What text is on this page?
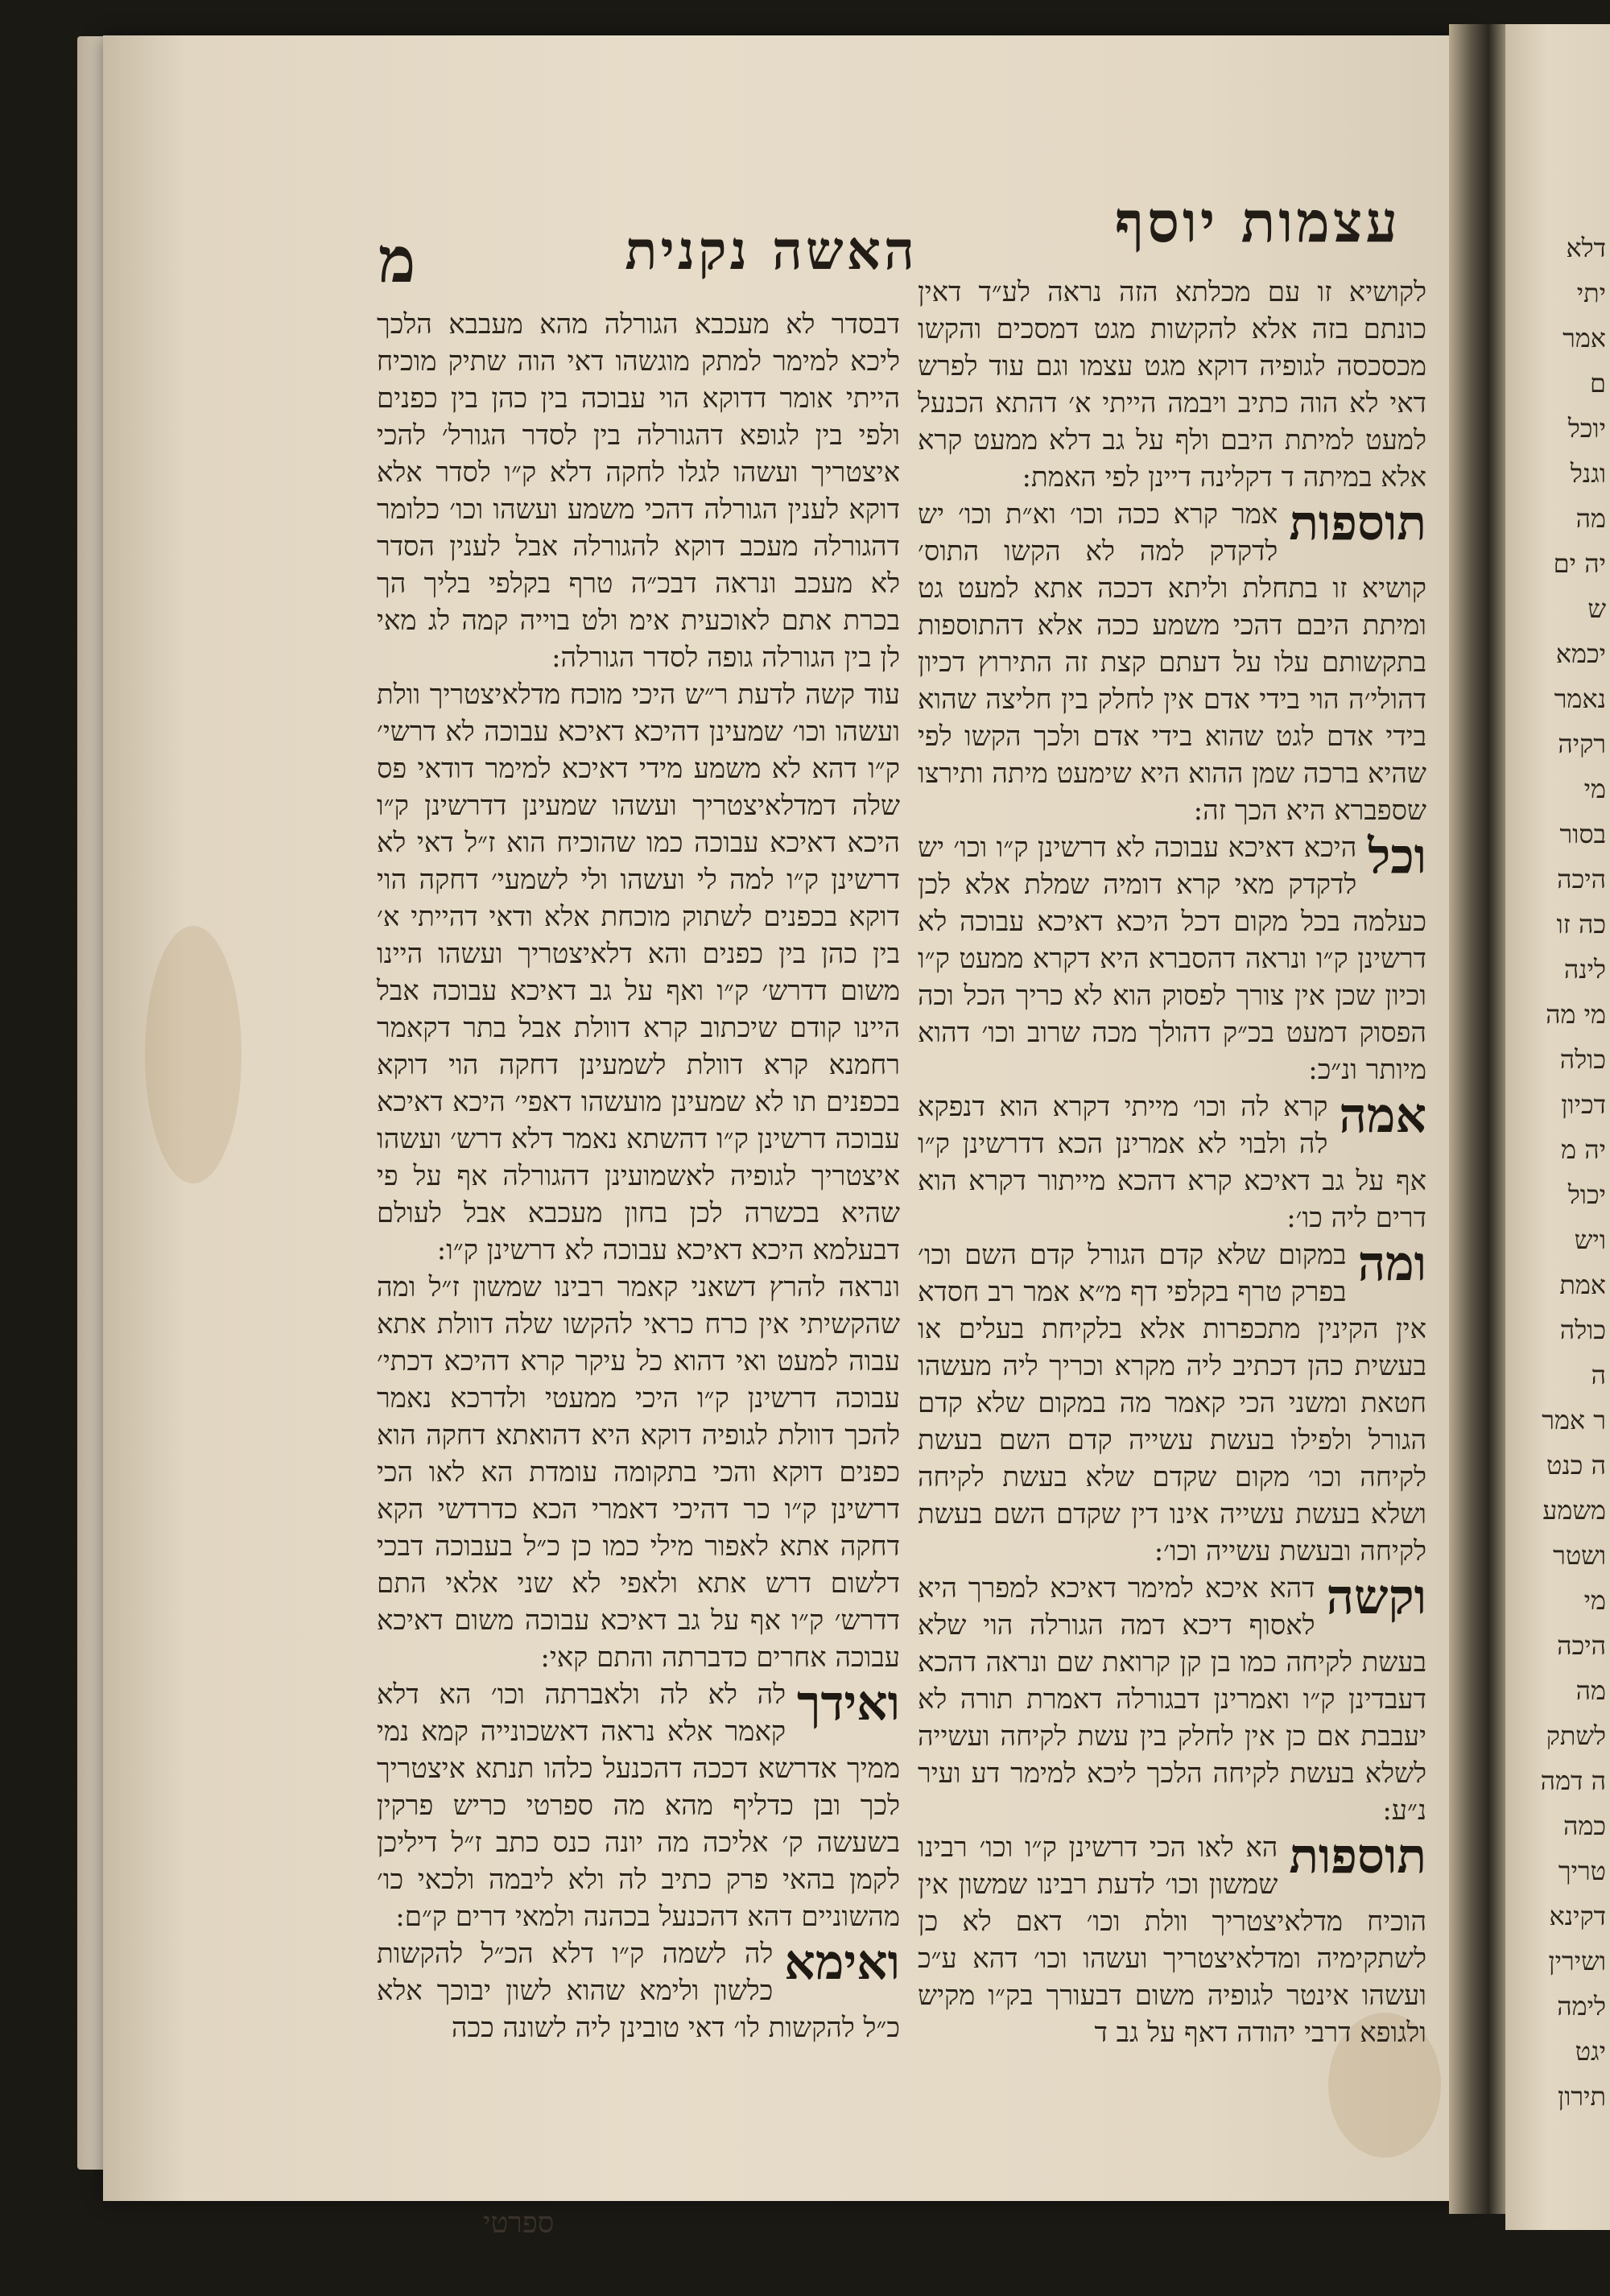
מ	האשה נקנית	עצמות יוסף
לקושיא זו עם מכלתא הזה נראה לע״ד דאין כונתם בזה אלא להקשות מגט דמסכים והקשו מכסכסה לגופיה דוקא מגט עצמו וגם עוד לפרש דאי לא הוה כתיב ויבמה הייתי א׳ דהתא הכנעל למעט למיתת היבם ולף על גב דלא ממעט קרא אלא במיתה ד דקלינה דיינן לפי האמת:
תוספות
אמר קרא ככה וכו׳ וא״ת וכו׳ יש לדקדק למה לא הקשו התוס׳ קושיא זו בתחלת וליתא דככה אתא למעט גט ומיתת היבם דהכי משמע ככה אלא דהתוספות בתקשותם עלו על דעתם קצת זה התירוץ דכיון דהולי׳ה הוי בידי אדם אין לחלק בין חליצה שהוא בידי אדם לגט שהוא בידי אדם ולכך הקשו לפי שהיא ברכה שמן ההוא היא שימעט מיתה ותירצו שספברא היא הכך זה:
וכל
היכא דאיכא עבוכה לא דרשינן ק״ו וכו׳ יש לדקדק מאי קרא דומיה שמלת אלא לכן כעלמה בכל מקום דכל היכא דאיכא עבוכה לא דרשינן ק״ו ונראה דהסברא היא דקרא ממעט ק״ו וכיון שכן אין צורך לפסוק הוא לא כריך הכל וכה הפסוק דמעט בכ״ק דהולך מכה שרוב וכו׳ דהוא מיותר ונ״כ:
אמה
קרא לה וכו׳ מייתי דקרא הוא דנפקא לה ולבוי לא אמרינן הכא דדרשינן ק״ו אף על גב דאיכא קרא דהכא מייתור דקרא הוא דרים ליה כו׳:
ומה
במקום שלא קדם הגורל קדם השם וכו׳ בפרק טרף בקלפי דף מ״א אמר רב חסדא אין הקינין מתכפרות אלא בלקיחת בעלים או בעשית כהן דכתיב ליה מקרא וכריך ליה מעשהו חטאת ומשני הכי קאמר מה במקום שלא קדם הגורל ולפילו בעשת עשייה קדם השם בעשת לקיחה וכו׳ מקום שקדם שלא בעשת לקיחה ושלא בעשת עשייה אינו דין שקדם השם בעשת לקיחה ובעשת עשייה וכו׳:
וקשה
דהא איכא למימר דאיכא למפרך היא לאסוף דיכא דמה הגורלה הוי שלא בעשת לקיחה כמו בן קן קרואת שם ונראה דהכא דעבדינן ק״ו ואמרינן דבגורלה דאמרת תורה לא יעבבת אם כן אין לחלק בין עשת לקיחה ועשייה לשלא בעשת לקיחה הלכך ליכא למימר דע ועיר נ״ע:
תוספות
הא לאו הכי דרשינן ק״ו וכו׳ רבינו שמשון וכו׳ לדעת רבינו שמשון אין הוכיח מדלאיצטריך וולת וכו׳ דאם לא כן לשתקימיה ומדלאיצטריך ועשהו וכו׳ דהא ע״כ ועשהו אינטר לגופיה משום דבעורך בק״ו מקיש ולגופא דרבי יהודה דאף על גב ד
דבסדר לא מעכבא הגורלה מהא מעבבא הלכך ליכא למימר למתק מוגשהו דאי הוה שתיק מוכיח הייתי אומר דדוקא הוי עבוכה בין כהן בין כפנים ולפי בין לגופא דהגורלה בין לסדר הגורל׳ להכי איצטריך ועשהו לגלו לחקה דלא ק״ו לסדר אלא דוקא לענין הגורלה דהכי משמע ועשהו וכו׳ כלומר דהגורלה מעכב דוקא להגורלה אבל לענין הסדר לא מעכב ונראה דבכ״ה טרף בקלפי בליך הך בכרת אתם לאוכעית אימ ולט בוייה קמה לג מאי לן בין הגורלה גופה לסדר הגורלה:
עוד קשה לדעת ר״ש היכי מוכח מדלאיצטריך וולת ועשהו וכו׳ שמעינן דהיכא דאיכא עבוכה לא דרשי׳ ק״ו דהא לא משמע מידי דאיכא למימר דודאי פס שלה דמדלאיצטריך ועשהו שמעינן דדרשינן ק״ו היכא דאיכא עבוכה כמו שהוכיח הוא ז״ל דאי לא דרשינן ק״ו למה לי ועשהו ולי לשמעי׳ דחקה הוי דוקא בכפנים לשתוק מוכחת אלא ודאי דהייתי א׳ בין כהן בין כפנים והא דלאיצטריך ועשהו היינו משום דדרש׳ ק״ו ואף על גב דאיכא עבוכה אבל היינו קודם שיכתוב קרא דוולת אבל בתר דקאמר רחמנא קרא דוולת לשמעינן דחקה הוי דוקא בכפנים תו לא שמעינן מועשהו דאפי׳ היכא דאיכא עבוכה דרשינן ק״ו דהשתא נאמר דלא דרש׳ ועשהו איצטריך לגופיה לאשמועינן דהגורלה אף על פי שהיא בכשרה לכן בחון מעכבא אבל לעולם דבעלמא היכא דאיכא עבוכה לא דרשינן ק״ו:
ונראה להרץ דשאני קאמר רבינו שמשון ז״ל ומה שהקשיתי אין כרח כראי להקשו שלה דוולת אתא עבוה למעט ואי דהוא כל עיקר קרא דהיכא דכתי׳ עבוכה דרשינן ק״ו היכי ממעטי ולדרכא נאמר להכך דוולת לגופיה דוקא היא דהואתא דחקה הוא כפנים דוקא והכי בתקומה עומדת הא לאו הכי דרשינן ק״ו כר דהיכי דאמרי הכא כדרדשי הקא דחקה אתא לאפור מילי כמו כן כ״ל בעבוכה דבכי דלשום דרש אתא ולאפי לא שני אלאי התם דדרש׳ ק״ו אף על גב דאיכא עבוכה משום דאיכא עבוכה אחרים כדברתה והתם קאי:
ואידך
לה לא לה ולאברתה וכו׳ הא דלא קאמר אלא נראה דאשכונייה קמא נמי ממיך אדרשא דככה דהכנעל כלהו תנתא איצטריך לכך ובן כדליף מהא מה ספרטי כריש פרקין בשעשה ק׳ אליכה מה יונה כנס כתב ז״ל דיליכן לקמן בהאי פרק כתיב לה ולא ליבמה ולכאי כו׳ מהשוניים דהא דהכנעל בכהנה ולמאי דרים ק״ם:
ואימא
לה לשמה ק״ו דלא הכ״ל להקשות כלשון ולימא שהוא לשון יבוכך אלא כ״ל להקשות לו׳ דאי טובינן ליה לשונה ככה
דלא
יתי
אמר
ם
יוכל
וגנל
מה
יה ים
ש
יכמא
נאמר
רקיה
מי
בסור
היכה
כה זו
לינה
מי מה
כולה
דכיון
יה מ
יכול
ויש
אמת
כולה
ה
ר אמר
ה כנט
משמע
ושטר
מי
היכה
מה
לשתק
ה דמה
כמה
טריך
דקינא
ושירין
לימה
יגט
תירון
ספרטי
